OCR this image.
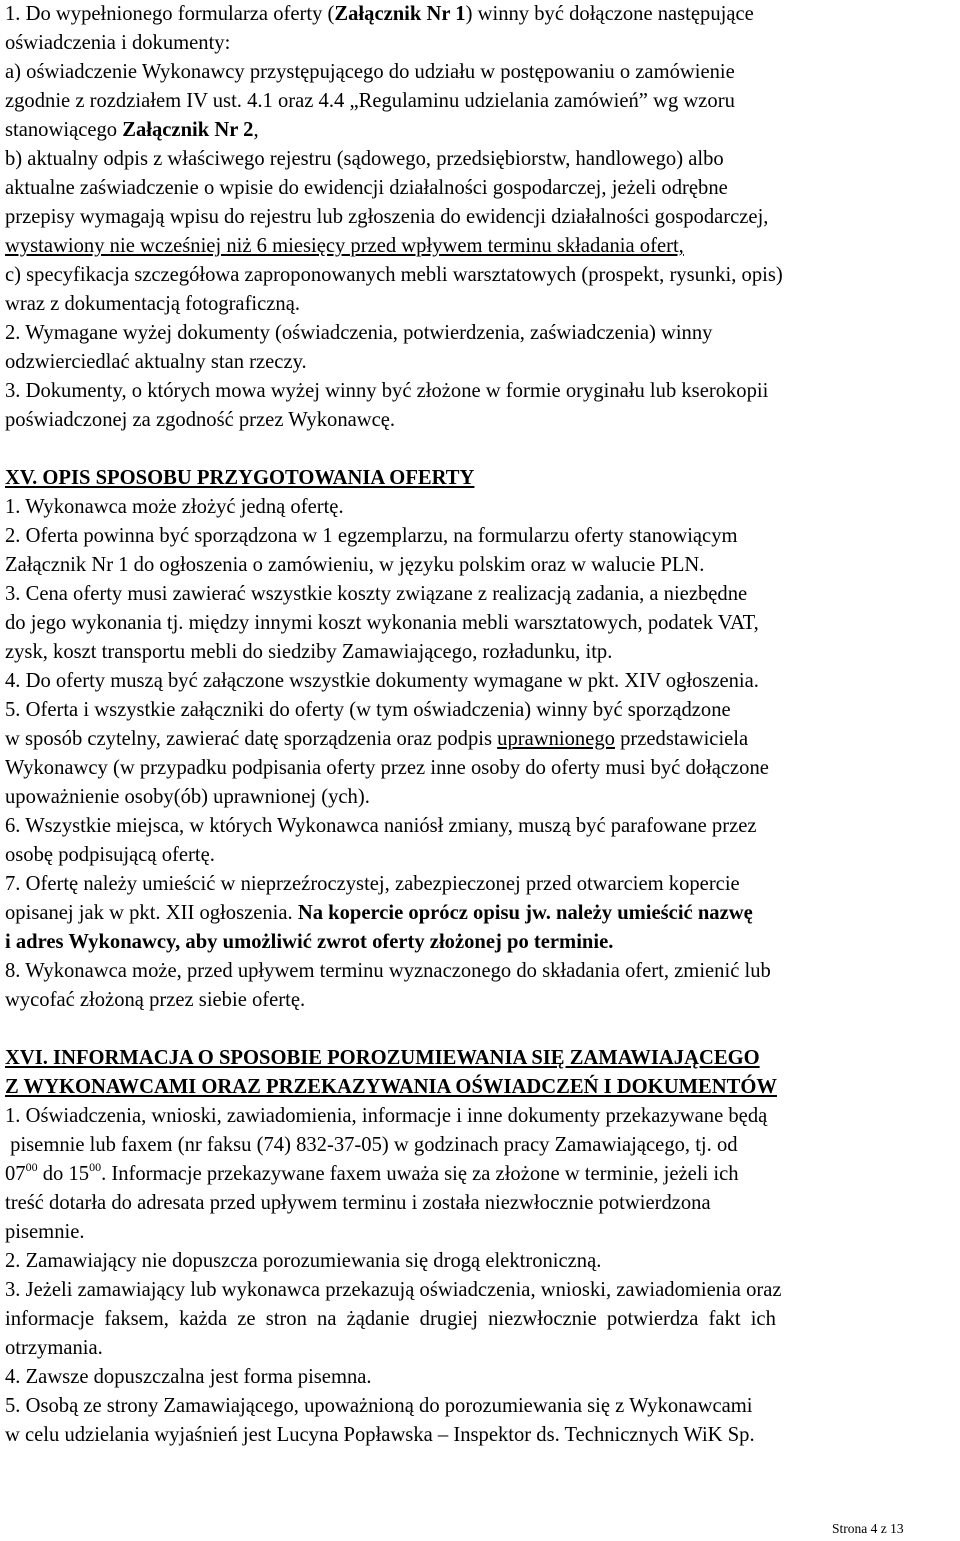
1. Do wypełnionego formularza oferty (Załącznik Nr 1) winny być dołączone następujące
oświadczenia i dokumenty:
a) oświadczenie Wykonawcy przystępującego do udziału w postępowaniu o zamówienie
zgodnie z rozdziałem IV ust. 4.1 oraz 4.4 „Regulaminu udzielania zamówień” wg wzoru
stanowiącego Załącznik Nr 2,
b) aktualny odpis z właściwego rejestru (sądowego, przedsiębiorstw, handlowego) albo
aktualne zaświadczenie o wpisie do ewidencji działalności gospodarczej, jeżeli odrębne
przepisy wymagają wpisu do rejestru lub zgłoszenia do ewidencji działalności gospodarczej,
wystawiony nie wcześniej niż 6 miesięcy przed wpływem terminu składania ofert,
c) specyfikacja szczegółowa zaproponowanych mebli warsztatowych (prospekt, rysunki, opis)
wraz z dokumentacją fotograficzną.
2. Wymagane wyżej dokumenty (oświadczenia, potwierdzenia, zaświadczenia) winny
odzwierciedlać aktualny stan rzeczy.
3. Dokumenty, o których mowa wyżej winny być złożone w formie oryginału lub kserokopii
poświadczonej za zgodność przez Wykonawcę.
XV. OPIS SPOSOBU PRZYGOTOWANIA OFERTY
1. Wykonawca może złożyć jedną ofertę.
2. Oferta powinna być sporządzona w 1 egzemplarzu, na formularzu oferty stanowiącym
Załącznik Nr 1 do ogłoszenia o zamówieniu, w języku polskim oraz w walucie PLN.
3. Cena oferty musi zawierać wszystkie koszty związane z realizacją zadania, a niezbędne
do jego wykonania tj. między innymi koszt wykonania mebli warsztatowych, podatek VAT,
zysk, koszt transportu mebli do siedziby Zamawiającego, rozładunku, itp.
4. Do oferty muszą być załączone wszystkie dokumenty wymagane w pkt. XIV ogłoszenia.
5. Oferta i wszystkie załączniki do oferty (w tym oświadczenia) winny być sporządzone
w sposób czytelny, zawierać datę sporządzenia oraz podpis uprawnionego przedstawiciela
Wykonawcy (w przypadku podpisania oferty przez inne osoby do oferty musi być dołączone
upoważnienie osoby(ób) uprawnionej (ych).
6. Wszystkie miejsca, w których Wykonawca naniósł zmiany, muszą być parafowane przez
osobę podpisującą ofertę.
7. Ofertę należy umieścić w nieprzeźroczystej, zabezpieczonej przed otwarciem kopercie
opisanej jak w pkt. XII ogłoszenia. Na kopercie oprócz opisu jw. należy umieścić nazwę
i adres Wykonawcy, aby umożliwić zwrot oferty złożonej po terminie.
8. Wykonawca może, przed upływem terminu wyznaczonego do składania ofert, zmienić lub
wycofać złożoną przez siebie ofertę.
XVI. INFORMACJA O SPOSOBIE POROZUMIEWANIA SIĘ ZAMAWIAJĄCEGO
Z WYKONAWCAMI ORAZ PRZEKAZYWANIA OŚWIADCZEŃ I DOKUMENTÓW
1. Oświadczenia, wnioski, zawiadomienia, informacje i inne dokumenty przekazywane będą
pisemnie lub faxem (nr faksu (74) 832-37-05) w godzinach pracy Zamawiającego, tj. od
$07^{00}$ do $15^{00}$. Informacje przekazywane faxem uważa się za złożone w terminie, jeżeli ich
treść dotarła do adresata przed upływem terminu i została niezwłocznie potwierdzona
pisemnie.
2. Zamawiający nie dopuszcza porozumiewania się drogą elektroniczną.
3. Jeżeli zamawiający lub wykonawca przekazują oświadczenia, wnioski, zawiadomienia oraz
informacje faksem, każda ze stron na żądanie drugiej niezwłocznie potwierdza fakt ich
otrzymania.
4. Zawsze dopuszczalna jest forma pisemna.
5. Osobą ze strony Zamawiającego, upoważnioną do porozumiewania się z Wykonawcami
w celu udzielania wyjaśnień jest Lucyna Popławska – Inspektor ds. Technicznych WiK Sp.
Strona 4 z 13
